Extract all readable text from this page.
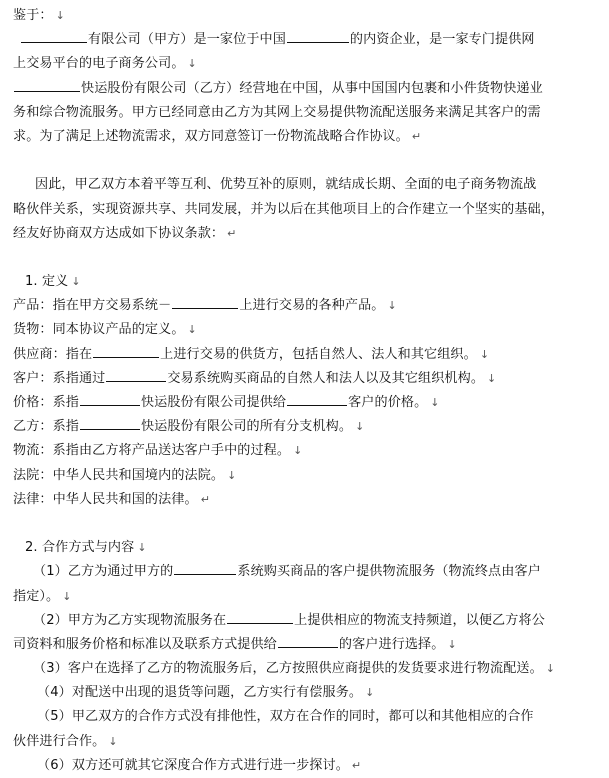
鉴于： ↓
有限公司（甲方）是一家位于中国	的内资企业，是一家专门提供网
上交易平台的电子商务公司。 ↓
快运股份有限公司（乙方）经营地在中国，从事中国国内包裹和小件货物快递业
务和综合物流服务。甲方已经同意由乙方为其网上交易提供物流配送服务来满足其客户的需
求。为了满足上述物流需求，双方同意签订一份物流战略合作协议。 ↵
因此，甲乙双方本着平等互利、优势互补的原则，就结成长期、全面的电子商务物流战
略伙伴关系，实现资源共享、共同发展，并为以后在其他项目上的合作建立一个坚实的基础，
经友好协商双方达成如下协议条款： ↵
1. 定义 ↓
产品：指在甲方交易系统－	上进行交易的各种产品。 ↓
货物：同本协议产品的定义。 ↓
供应商：指在	上进行交易的供货方，包括自然人、法人和其它组织。 ↓
客户：系指通过	交易系统购买商品的自然人和法人以及其它组织机构。 ↓
价格：系指	快运股份有限公司提供给	客户的价格。 ↓
乙方：系指	快运股份有限公司的所有分支机构。 ↓
物流：系指由乙方将产品送达客户手中的过程。 ↓
法院：中华人民共和国境内的法院。 ↓
法律：中华人民共和国的法律。 ↵
2. 合作方式与内容 ↓
（1）乙方为通过甲方的	系统购买商品的客户提供物流服务（物流终点由客户
指定）。 ↓
（2）甲方为乙方实现物流服务在	上提供相应的物流支持频道，以便乙方将公
司资料和服务价格和标准以及联系方式提供给	的客户进行选择。 ↓
（3）客户在选择了乙方的物流服务后，乙方按照供应商提供的发货要求进行物流配送。 ↓
（4）对配送中出现的退货等问题，乙方实行有偿服务。 ↓
（5）甲乙双方的合作方式没有排他性，双方在合作的同时，都可以和其他相应的合作
伙伴进行合作。 ↓
（6）双方还可就其它深度合作方式进行进一步探讨。 ↵
